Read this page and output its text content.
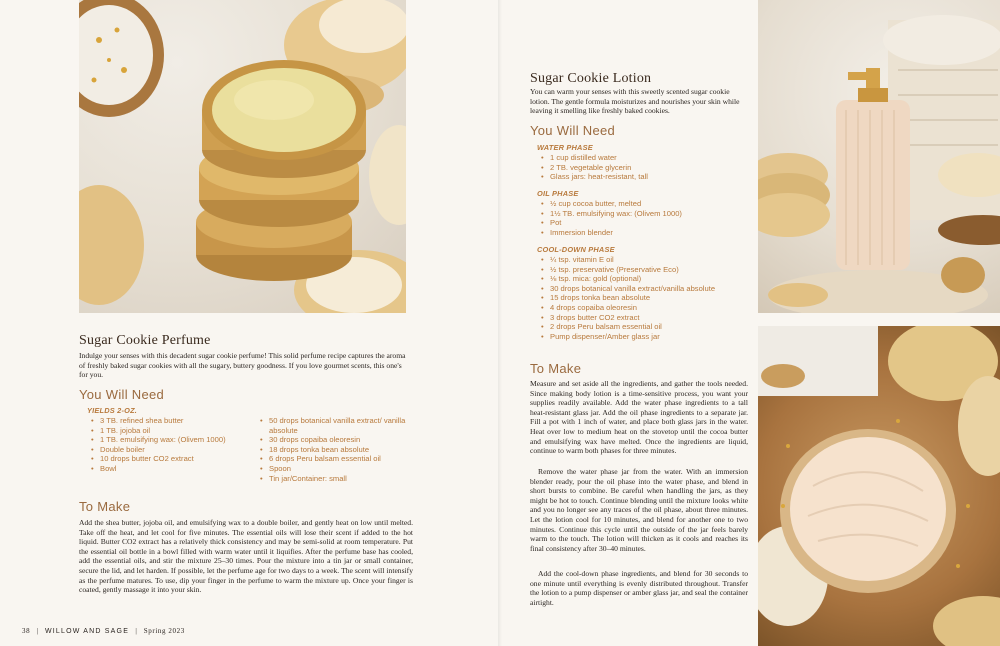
Sugar Cookie Perfume
Indulge your senses with this decadent sugar cookie perfume! This solid perfume recipe captures the aroma of freshly baked sugar cookies with all the sugary, buttery goodness. If you love gourmet scents, this one's for you.
You Will Need
YIELDS 2-OZ.
• 3 TB. refined shea butter
• 1 TB. jojoba oil
• 1 TB. emulsifying wax: (Olivem 1000)
• Double boiler
• 10 drops butter CO2 extract
• Bowl
• 50 drops botanical vanilla extract/ vanilla absolute
• 30 drops copaiba oleoresin
• 18 drops tonka bean absolute
• 6 drops Peru balsam essential oil
• Spoon
• Tin jar/Container: small
To Make
Add the shea butter, jojoba oil, and emulsifying wax to a double boiler, and gently heat on low until melted. Take off the heat, and let cool for five minutes. The essential oils will lose their scent if added to the hot liquid. Butter CO2 extract has a relatively thick consistency and may be semi-solid at room temperature. Put the essential oil bottle in a bowl filled with warm water until it liquifies. After the perfume base has cooled, add the essential oils, and stir the mixture 25–30 times. Pour the mixture into a tin jar or small container, secure the lid, and let harden. If possible, let the perfume age for two days to a week. The scent will intensify as the perfume matures. To use, dip your finger in the perfume to warm the mixture up. Once your finger is coated, gently massage it into your skin.
38 | WILLOW AND SAGE | Spring 2023
Sugar Cookie Lotion
You can warm your senses with this sweetly scented sugar cookie lotion. The gentle formula moisturizes and nourishes your skin while leaving it smelling like freshly baked cookies.
You Will Need
WATER PHASE
• 1 cup distilled water
• 2 TB. vegetable glycerin
• Glass jars: heat-resistant, tall
OIL PHASE
• ½ cup cocoa butter, melted
• 1½ TB. emulsifying wax: (Olivem 1000)
• Pot
• Immersion blender
COOL-DOWN PHASE
• ¼ tsp. vitamin E oil
• ½ tsp. preservative (Preservative Eco)
• ⅛ tsp. mica: gold (optional)
• 30 drops botanical vanilla extract/vanilla absolute
• 15 drops tonka bean absolute
• 4 drops copaiba oleoresin
• 3 drops butter CO2 extract
• 2 drops Peru balsam essential oil
• Pump dispenser/Amber glass jar
To Make
Measure and set aside all the ingredients, and gather the tools needed. Since making body lotion is a time-sensitive process, you want your supplies readily available. Add the water phase ingredients to a tall heat-resistant glass jar. Add the oil phase ingredients to a separate jar. Fill a pot with 1 inch of water, and place both glass jars in the water. Heat over low to medium heat on the stovetop until the cocoa butter and emulsifying wax have melted. Once the ingredients are liquid, continue to warm both phases for three minutes.
Remove the water phase jar from the water. With an immersion blender ready, pour the oil phase into the water phase, and blend in short bursts to combine. Be careful when handling the jars, as they might be hot to touch. Continue blending until the mixture looks white and you no longer see any traces of the oil phase, about three minutes. Let the lotion cool for 10 minutes, and blend for another one to two minutes. Continue this cycle until the outside of the jar feels barely warm to the touch. The lotion will thicken as it cools and reaches its final consistency after 30–40 minutes.
Add the cool-down phase ingredients, and blend for 30 seconds to one minute until everything is evenly distributed throughout. Transfer the lotion to a pump dispenser or amber glass jar, and seal the container airtight.
